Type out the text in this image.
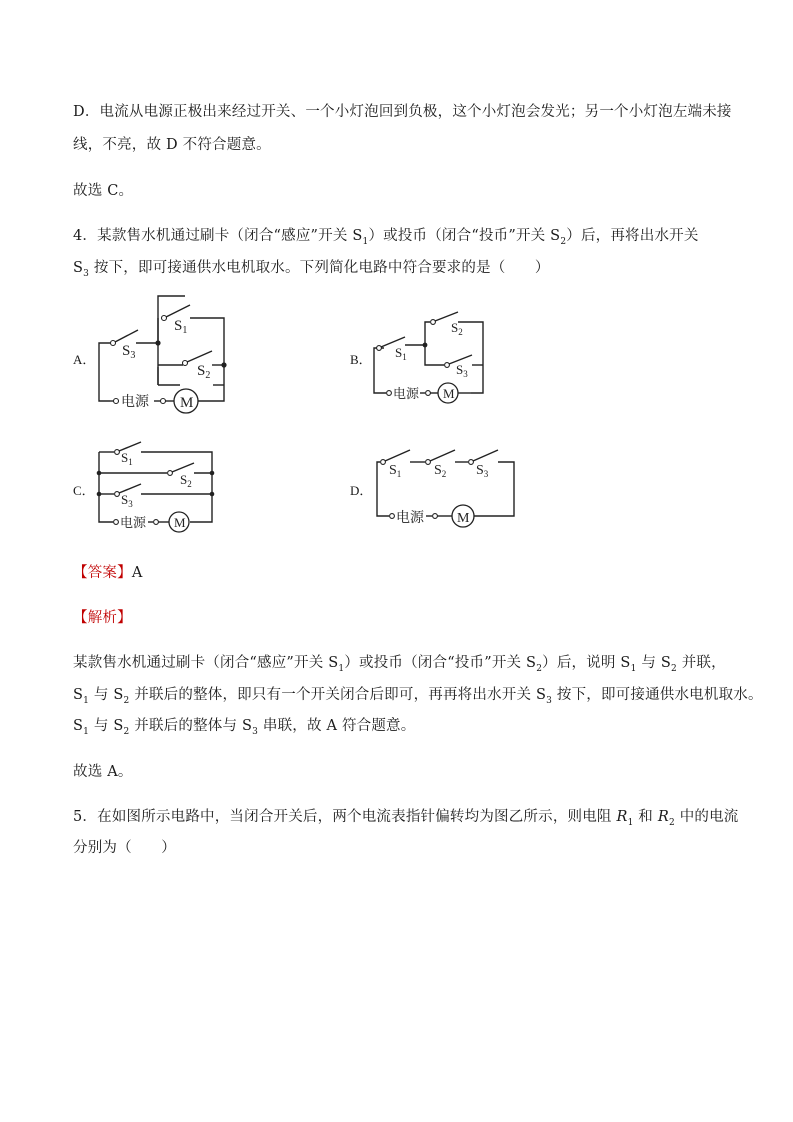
D．电流从电源正极出来经过开关、一个小灯泡回到负极，这个小灯泡会发光；另一个小灯泡左端未接
线，不亮，故 D 不符合题意。
故选 C。
4．某款售水机通过刷卡（闭合“感应”开关 $S_1$）或投币（闭合“投币”开关 $S_2$）后，再将出水开关
$S_3$ 按下，即可接通供水电机取水。下列简化电路中符合要求的是（　　）
A．	B．
C．	D．
$S_1$
$S_2$
$S_3$
电源 M
$S_1$
$S_2$
$S_3$
电源 M
$S_1$
$S_2$
$S_3$
电源 M
$S_1$ $S_2$ $S_3$
电源 M
【答案】A
【解析】
某款售水机通过刷卡（闭合“感应”开关 $S_1$）或投币（闭合“投币”开关 $S_2$）后，说明 $S_1$ 与 $S_2$ 并联，
$S_1$ 与 $S_2$ 并联后的整体，即只有一个开关闭合后即可，再再将出水开关 $S_3$ 按下，即可接通供水电机取水。
$S_1$ 与 $S_2$ 并联后的整体与 $S_3$ 串联，故 A 符合题意。
故选 A。
5．在如图所示电路中，当闭合开关后，两个电流表指针偏转均为图乙所示，则电阻 $R_1$ 和 $R_2$ 中的电流
分别为（　　）
